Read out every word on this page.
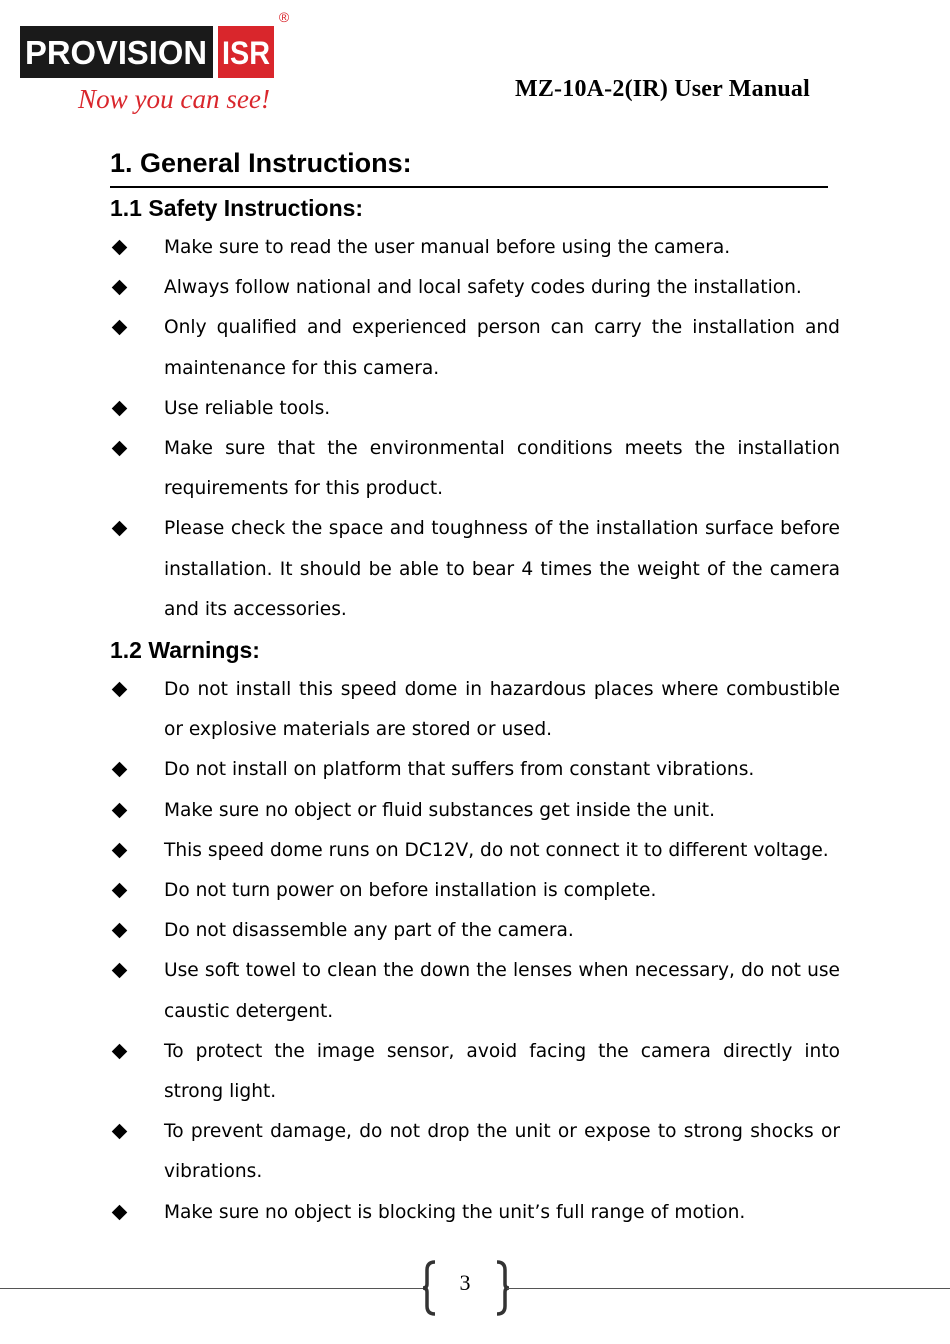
PROVISION ISR
®
Now you can see!	MZ-10A-2(IR) User Manual
1. General Instructions:
1.1 Safety Instructions:
Make sure to read the user manual before using the camera.
Always follow national and local safety codes during the installation.
Only qualified and experienced person can carry the installation and maintenance for this camera.
Use reliable tools.
Make sure that the environmental conditions meets the installation requirements for this product.
Please check the space and toughness of the installation surface before installation. It should be able to bear 4 times the weight of the camera and its accessories.
1.2 Warnings:
Do not install this speed dome in hazardous places where combustible or explosive materials are stored or used.
Do not install on platform that suffers from constant vibrations.
Make sure no object or fluid substances get inside the unit.
This speed dome runs on DC12V, do not connect it to different voltage.
Do not turn power on before installation is complete.
Do not disassemble any part of the camera.
Use soft towel to clean the down the lenses when necessary, do not use caustic detergent.
To protect the image sensor, avoid facing the camera directly into strong light.
To prevent damage, do not drop the unit or expose to strong shocks or vibrations.
Make sure no object is blocking the unit’s full range of motion.
3
